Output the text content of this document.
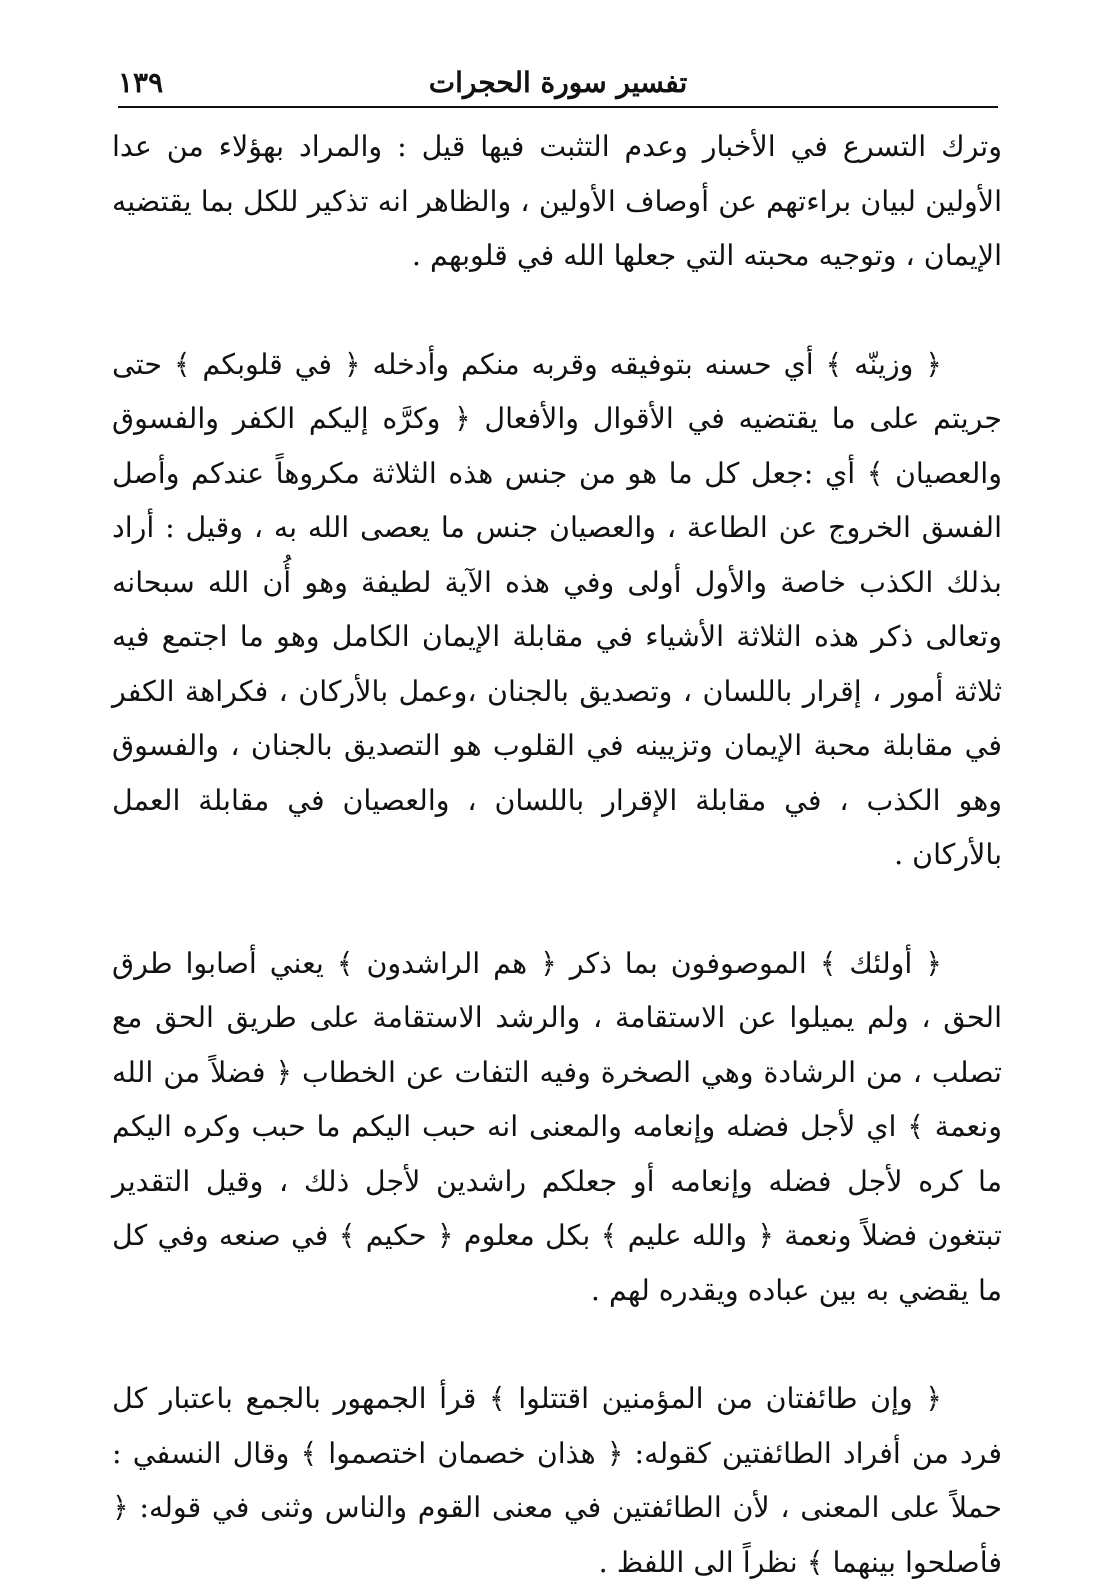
١٣٩	تفسير سورة الحجرات

وترك التسرع في الأخبار وعدم التثبت فيها قيل : والمراد بهؤلاء من عدا الأولين لبيان براءتهم عن أوصاف الأولين ، والظاهر انه تذكير للكل بما يقتضيه الإيمان ، وتوجيه محبته التي جعلها الله في قلوبهم .

﴿ وزينّه ﴾ أي حسنه بتوفيقه وقربه منكم وأدخله ﴿ في قلوبكم ﴾ حتى جريتم على ما يقتضيه في الأقوال والأفعال ﴿ وكرَّه إليكم الكفر والفسوق والعصيان ﴾ أي :جعل كل ما هو من جنس هذه الثلاثة مكروهاً عندكم وأصل الفسق الخروج عن الطاعة ، والعصيان جنس ما يعصى الله به ، وقيل : أراد بذلك الكذب خاصة والأول أولى وفي هذه الآية لطيفة وهو أُن الله سبحانه وتعالى ذكر هذه الثلاثة الأشياء في مقابلة الإيمان الكامل وهو ما اجتمع فيه ثلاثة أمور ، إقرار باللسان ، وتصديق بالجنان ،وعمل بالأركان ، فكراهة الكفر في مقابلة محبة الإيمان وتزيينه في القلوب هو التصديق بالجنان ، والفسوق وهو الكذب ، في مقابلة الإقرار باللسان ، والعصيان في مقابلة العمل بالأركان .

﴿ أولئك ﴾ الموصوفون بما ذكر ﴿ هم الراشدون ﴾ يعني أصابوا طرق الحق ، ولم يميلوا عن الاستقامة ، والرشد الاستقامة على طريق الحق مع تصلب ، من الرشادة وهي الصخرة وفيه التفات عن الخطاب ﴿ فضلاً من الله ونعمة ﴾ اي لأجل فضله وإنعامه والمعنى انه حبب اليكم ما حبب وكره اليكم ما كره لأجل فضله وإنعامه أو جعلكم راشدين لأجل ذلك ، وقيل التقدير تبتغون فضلاً ونعمة ﴿ والله عليم ﴾ بكل معلوم ﴿ حكيم ﴾ في صنعه وفي كل ما يقضي به بين عباده ويقدره لهم .

﴿ وإن طائفتان من المؤمنين اقتتلوا ﴾ قرأ الجمهور بالجمع باعتبار كل فرد من أفراد الطائفتين كقوله: ﴿ هذان خصمان اختصموا ﴾ وقال النسفي : حملاً على المعنى ، لأن الطائفتين في معنى القوم والناس وثنى في قوله: ﴿ فأصلحوا بينهما ﴾ نظراً الى اللفظ .
